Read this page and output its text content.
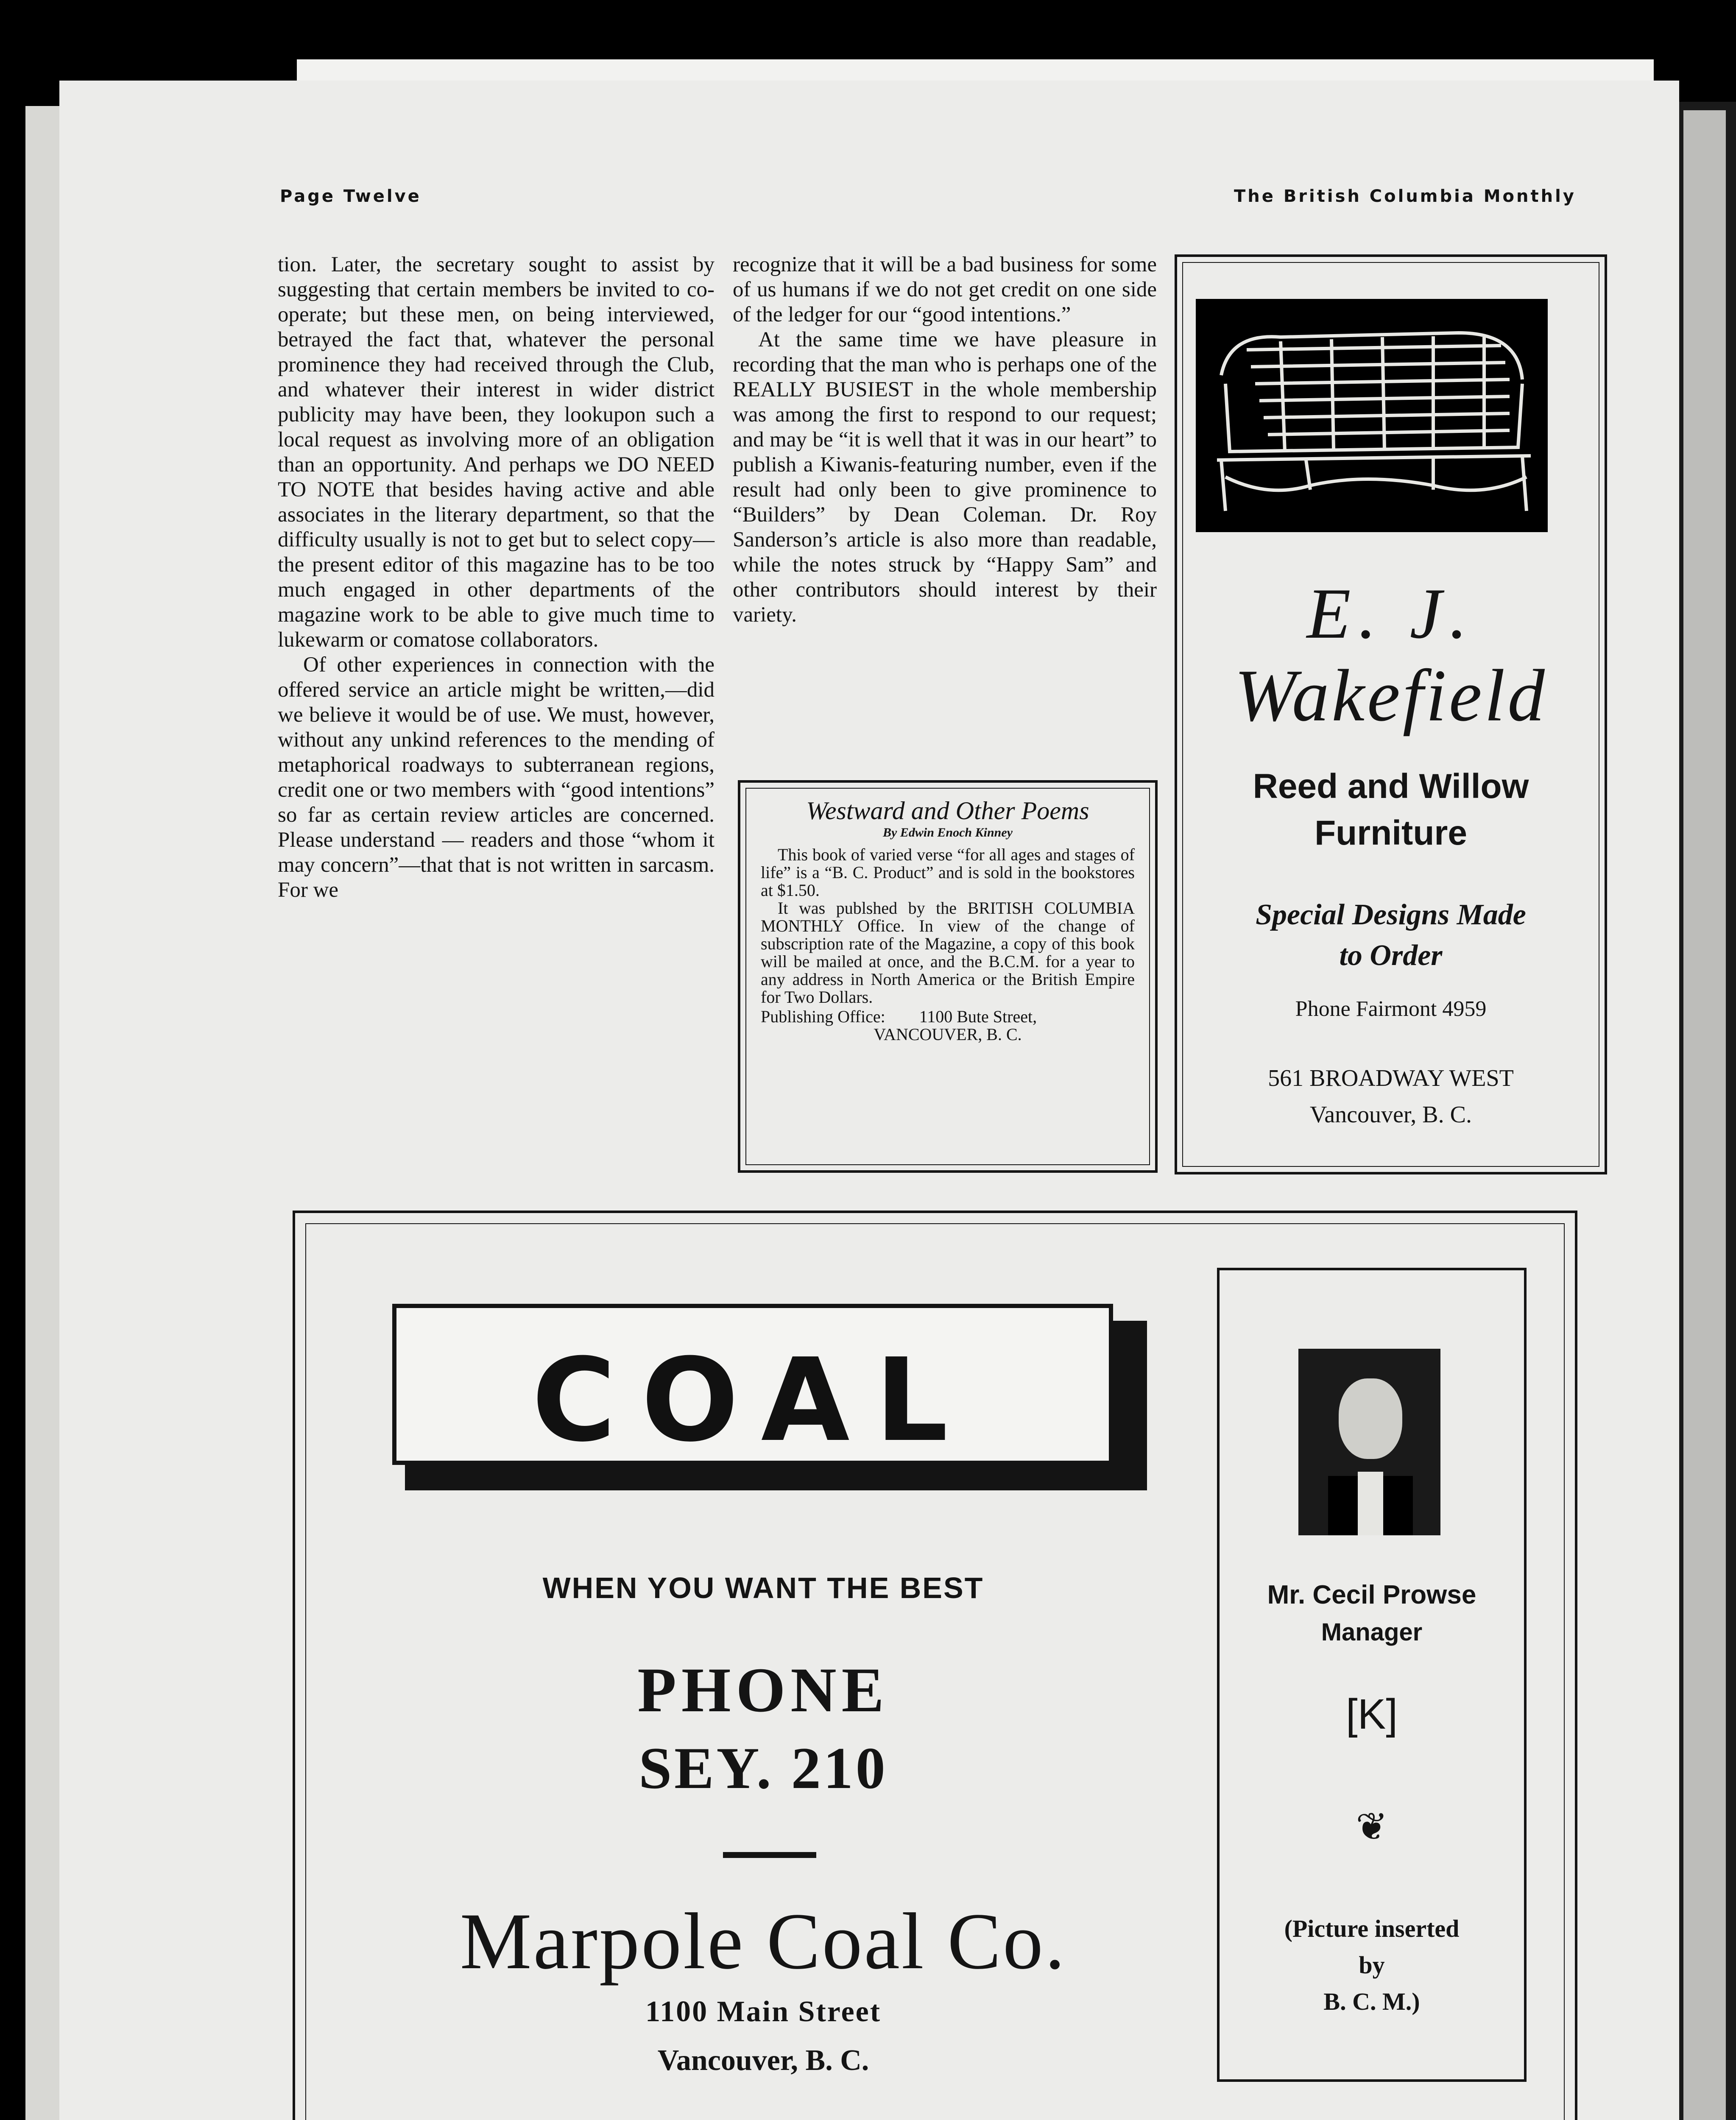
Page Twelve	The British Columbia Monthly

tion. Later, the secretary sought to assist by suggesting that certain members be invited to co-operate; but these men, on being interviewed, betrayed the fact that, whatever the personal prominence they had received through the Club, and whatever their interest in wider district publicity may have been, they lookupon such a local request as involving more of an obligation than an opportunity. And perhaps we DO NEED TO NOTE that besides having active and able associates in the literary department, so that the difficulty usually is not to get but to select copy—the present editor of this magazine has to be too much engaged in other departments of the magazine work to be able to give much time to lukewarm or comatose collaborators.

Of other experiences in connection with the offered service an article might be written,—did we believe it would be of use. We must, however, without any unkind references to the mending of metaphorical roadways to subterranean regions, credit one or two members with “good intentions” so far as certain review articles are concerned. Please understand — readers and those “whom it may concern”—that that is not written in sarcasm. For we

recognize that it will be a bad business for some of us humans if we do not get credit on one side of the ledger for our “good intentions.”

At the same time we have pleasure in recording that the man who is perhaps one of the REALLY BUSIEST in the whole membership was among the first to respond to our request; and may be “it is well that it was in our heart” to publish a Kiwanis-featuring number, even if the result had only been to give prominence to “Builders” by Dean Coleman. Dr. Roy Sanderson’s article is also more than readable, while the notes struck by “Happy Sam” and other contributors should interest by their variety.

Westward and Other Poems
By Edwin Enoch Kinney

This book of varied verse “for all ages and stages of life” is a “B. C. Product” and is sold in the bookstores at $1.50.

It was publshed by the BRITISH COLUMBIA MONTHLY Office. In view of the change of subscription rate of the Magazine, a copy of this book will be mailed at once, and the B.C.M. for a year to any address in North America or the British Empire for Two Dollars.

Publishing Office: 1100 Bute Street,

VANCOUVER, B. C.

E. J.
Wakefield
Reed and Willow
Furniture
Special Designs Made
to Order
Phone Fairmont 4959
561 BROADWAY WEST
Vancouver, B. C.
COAL
WHEN YOU WANT THE BEST
PHONE
SEY. 210
Marpole Coal Co.
1100 Main Street
Vancouver, B. C.
Mr. Cecil Prowse
Manager
[K]
❦
(Picture inserted
by
B. C. M.)
